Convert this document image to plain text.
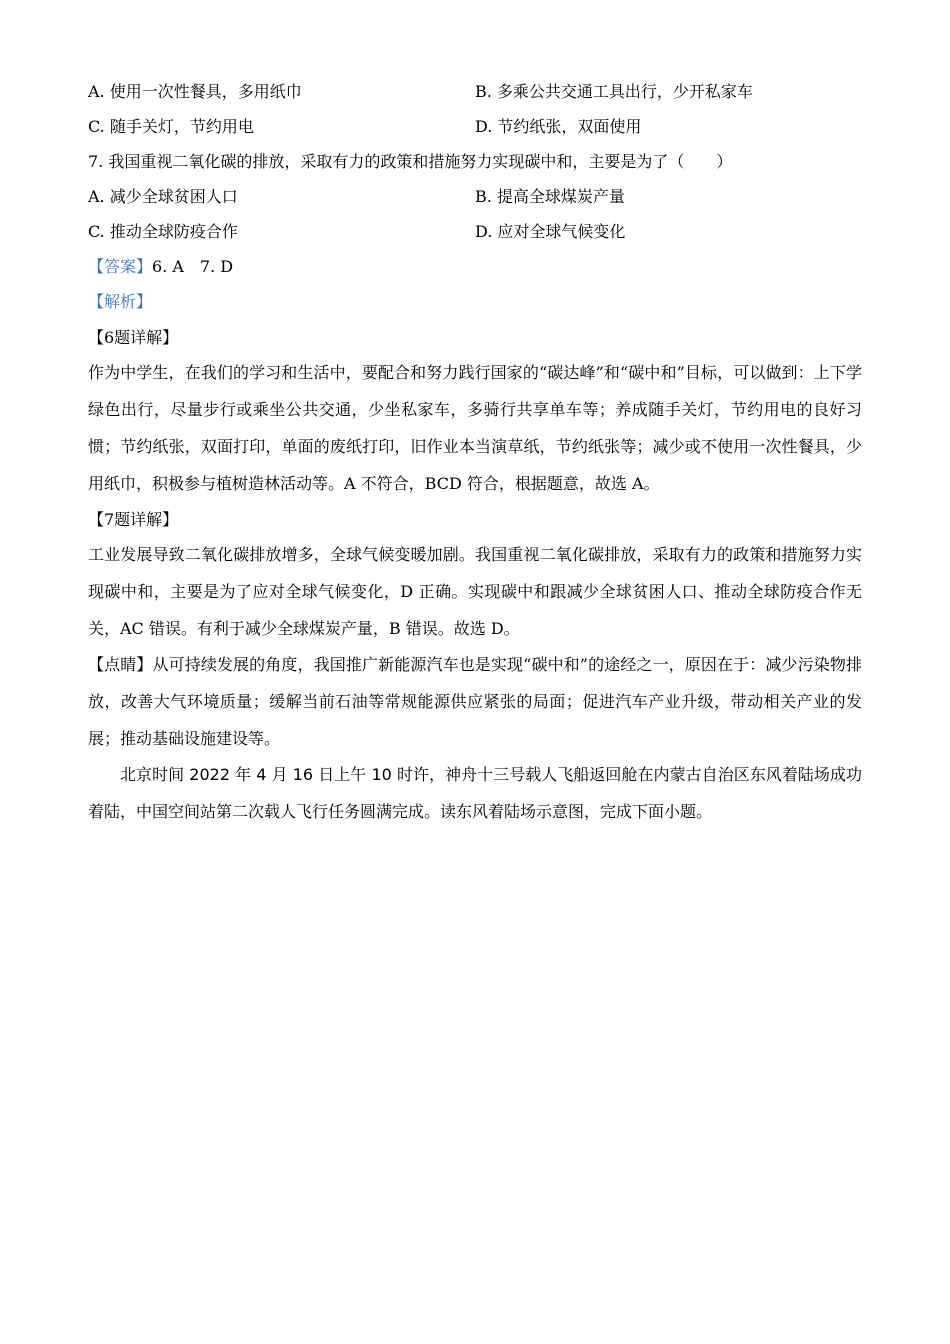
A. 使用一次性餐具，多用纸巾	B. 多乘公共交通工具出行，少开私家车
C. 随手关灯，节约用电	D. 节约纸张，双面使用
7. 我国重视二氧化碳的排放，采取有力的政策和措施努力实现碳中和，主要是为了（　　）
A. 减少全球贫困人口	B. 提高全球煤炭产量
C. 推动全球防疫合作	D. 应对全球气候变化
【答案】6. A　7. D
【解析】
【6题详解】
作为中学生，在我们的学习和生活中，要配合和努力践行国家的“碳达峰”和“碳中和”目标，可以做到：上下学绿色出行，尽量步行或乘坐公共交通，少坐私家车，多骑行共享单车等；养成随手关灯，节约用电的良好习惯；节约纸张，双面打印，单面的废纸打印，旧作业本当演草纸，节约纸张等；减少或不使用一次性餐具，少用纸巾，积极参与植树造林活动等。A 不符合，BCD 符合，根据题意，故选 A。
【7题详解】
工业发展导致二氧化碳排放增多，全球气候变暖加剧。我国重视二氧化碳排放，采取有力的政策和措施努力实现碳中和，主要是为了应对全球气候变化，D 正确。实现碳中和跟减少全球贫困人口、推动全球防疫合作无关，AC 错误。有利于减少全球煤炭产量，B 错误。故选 D。
【点睛】从可持续发展的角度，我国推广新能源汽车也是实现“碳中和”的途经之一，原因在于：减少污染物排放，改善大气环境质量；缓解当前石油等常规能源供应紧张的局面；促进汽车产业升级，带动相关产业的发展；推动基础设施建设等。
北京时间 2022 年 4 月 16 日上午 10 时许，神舟十三号载人飞船返回舱在内蒙古自治区东风着陆场成功着陆，中国空间站第二次载人飞行任务圆满完成。读东风着陆场示意图，完成下面小题。
